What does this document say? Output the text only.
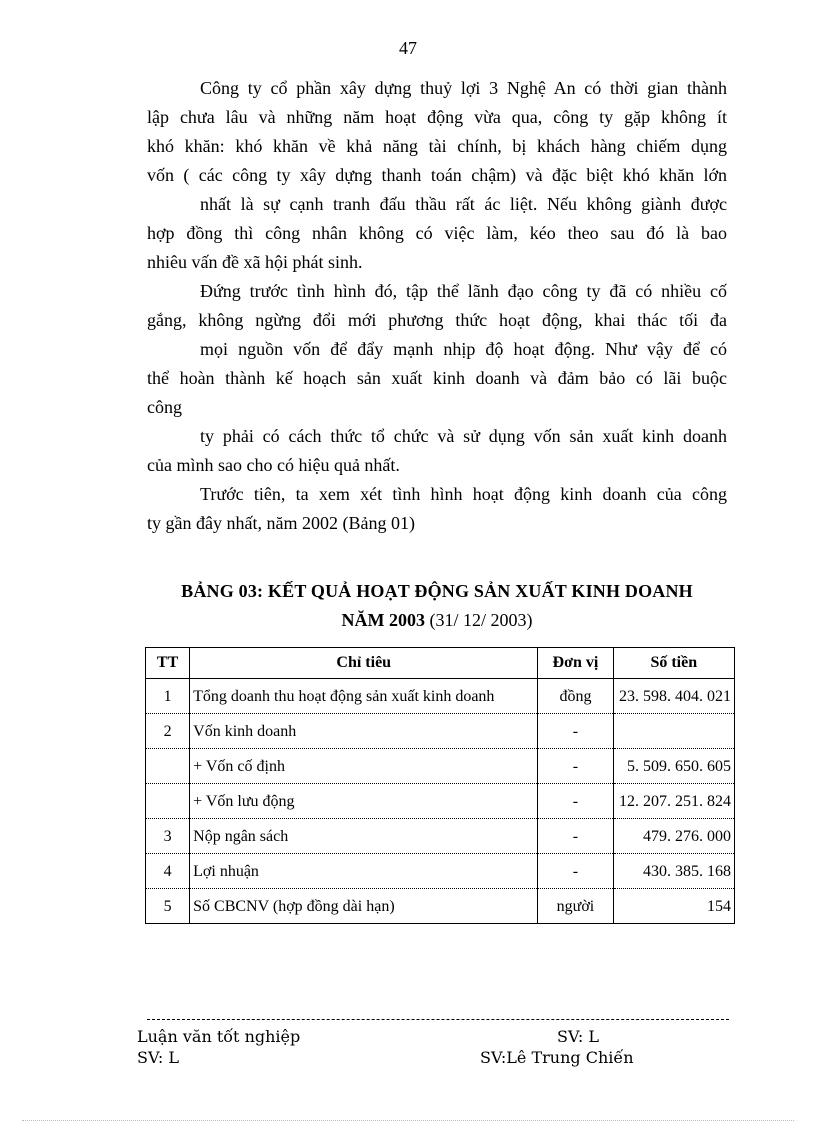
47
Công ty cổ phần xây dựng thuỷ lợi 3 Nghệ An có thời gian thành
lập chưa lâu và những năm hoạt động vừa qua, công ty gặp không ít
khó khăn: khó khăn về khả năng tài chính, bị khách hàng chiếm dụng
vốn ( các công ty xây dựng thanh toán chậm) và đặc biệt khó khăn lớn
nhất là sự cạnh tranh đấu thầu rất ác liệt. Nếu không giành được
hợp đồng thì công nhân không có việc làm, kéo theo sau đó là bao
nhiêu vấn đề xã hội phát sinh.
Đứng trước tình hình đó, tập thể lãnh đạo công ty đã có nhiều cố
gắng, không ngừng đổi mới phương thức hoạt động, khai thác tối đa
mọi nguồn vốn để đẩy mạnh nhịp độ hoạt động. Như vậy để có
thể hoàn thành kế hoạch sản xuất kinh doanh và đảm bảo có lãi buộc
công
ty phải có cách thức tổ chức và sử dụng vốn sản xuất kinh doanh
của mình sao cho có hiệu quả nhất.
Trước tiên, ta xem xét tình hình hoạt động kinh doanh của công
ty gần đây nhất, năm 2002 (Bảng 01)
BẢNG 03: KẾT QUẢ HOẠT ĐỘNG SẢN XUẤT KINH DOANH
NĂM 2003 (31/ 12/ 2003)
TT	Chỉ tiêu	Đơn vị	Số tiền
1	Tổng doanh thu hoạt động sản xuất kinh doanh	đồng	23. 598. 404. 021
2	Vốn kinh doanh	-	
	+ Vốn cố định	-	5. 509. 650. 605
	+ Vốn lưu động	-	12. 207. 251. 824
3	Nộp ngân sách	-	479. 276. 000
4	Lợi nhuận	-	430. 385. 168
5	Số CBCNV (hợp đồng dài hạn)	người	154
Luận văn tốt nghiệp	SV: L
SV: L	SV:Lê Trung Chiến
